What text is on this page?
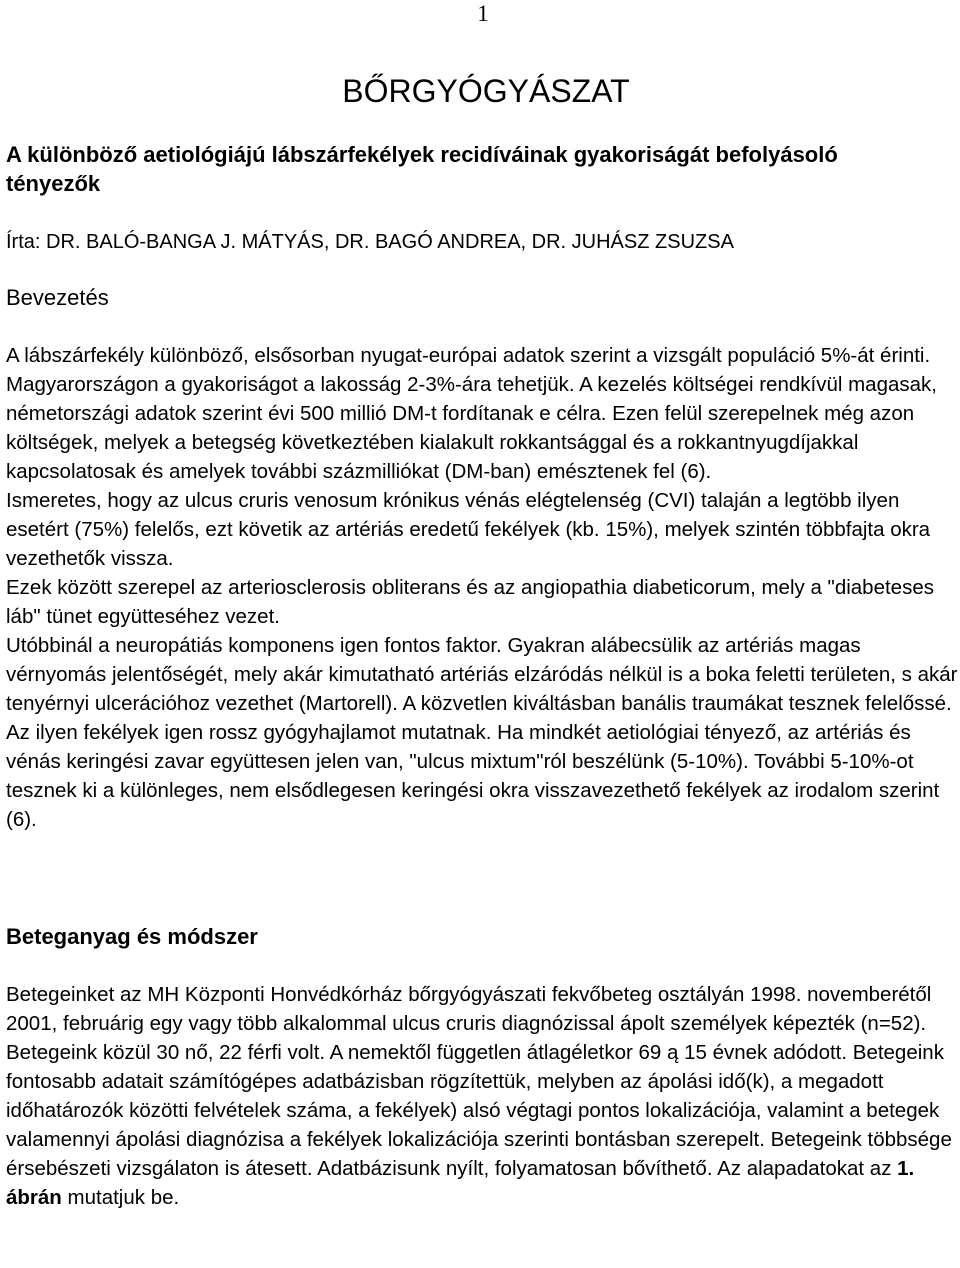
1
BŐRGYÓGYÁSZAT
A különböző aetiológiájú lábszárfekélyek recidíváinak gyakoriságát befolyásoló tényezők
Írta: DR. BALÓ-BANGA J. MÁTYÁS, DR. BAGÓ ANDREA, DR. JUHÁSZ ZSUZSA
Bevezetés

A lábszárfekély különböző, elsősorban nyugat-európai adatok szerint a vizsgált populáció 5%-át érinti. Magyarországon a gyakoriságot a lakosság 2-3%-ára tehetjük. A kezelés költségei rendkívül magasak, németországi adatok szerint évi 500 millió DM-t fordítanak e célra. Ezen felül szerepelnek még azon költségek, melyek a betegség következtében kialakult rokkantsággal és a rokkantnyugdíjakkal kapcsolatosak és amelyek további százmilliókat (DM-ban) emésztenek fel (6).

Ismeretes, hogy az ulcus cruris venosum krónikus vénás elégtelenség (CVI) talaján a legtöbb ilyen esetért (75%) felelős, ezt követik az artériás eredetű fekélyek (kb. 15%), melyek szintén többfajta okra vezethetők vissza.

Ezek között szerepel az arteriosclerosis obliterans és az angiopathia diabeticorum, mely a "diabeteses láb" tünet együtteséhez vezet.

Utóbbinál a neuropátiás komponens igen fontos faktor. Gyakran alábecsülik az artériás magas vérnyomás jelentőségét, mely akár kimutatható artériás elzáródás nélkül is a boka feletti területen, s akár tenyérnyi ulcerációhoz vezethet (Martorell). A közvetlen kiváltásban banális traumákat tesznek felelőssé. Az ilyen fekélyek igen rossz gyógyhajlamot mutatnak. Ha mindkét aetiológiai tényező, az artériás és vénás keringési zavar együttesen jelen van, "ulcus mixtum"ról beszélünk (5-10%). További 5-10%-ot tesznek ki a különleges, nem elsődlegesen keringési okra visszavezethető fekélyek az irodalom szerint (6).

Beteganyag és módszer

Betegeinket az MH Központi Honvédkórház bőrgyógyászati fekvőbeteg osztályán 1998. novemberétől 2001, februárig egy vagy több alkalommal ulcus cruris diagnózissal ápolt személyek képezték (n=52). Betegeink közül 30 nő, 22 férfi volt. A nemektől független átlagéletkor 69 ą 15 évnek adódott. Betegeink fontosabb adatait számítógépes adatbázisban rögzítettük, melyben az ápolási idő(k), a megadott időhatározók közötti felvételek száma, a fekélyek) alsó végtagi pontos lokalizációja, valamint a betegek valamennyi ápolási diagnózisa a fekélyek lokalizációja szerinti bontásban szerepelt. Betegeink többsége érsebészeti vizsgálaton is átesett. Adatbázisunk nyílt, folyamatosan bővíthető. Az alapadatokat az 1. ábrán mutatjuk be.
